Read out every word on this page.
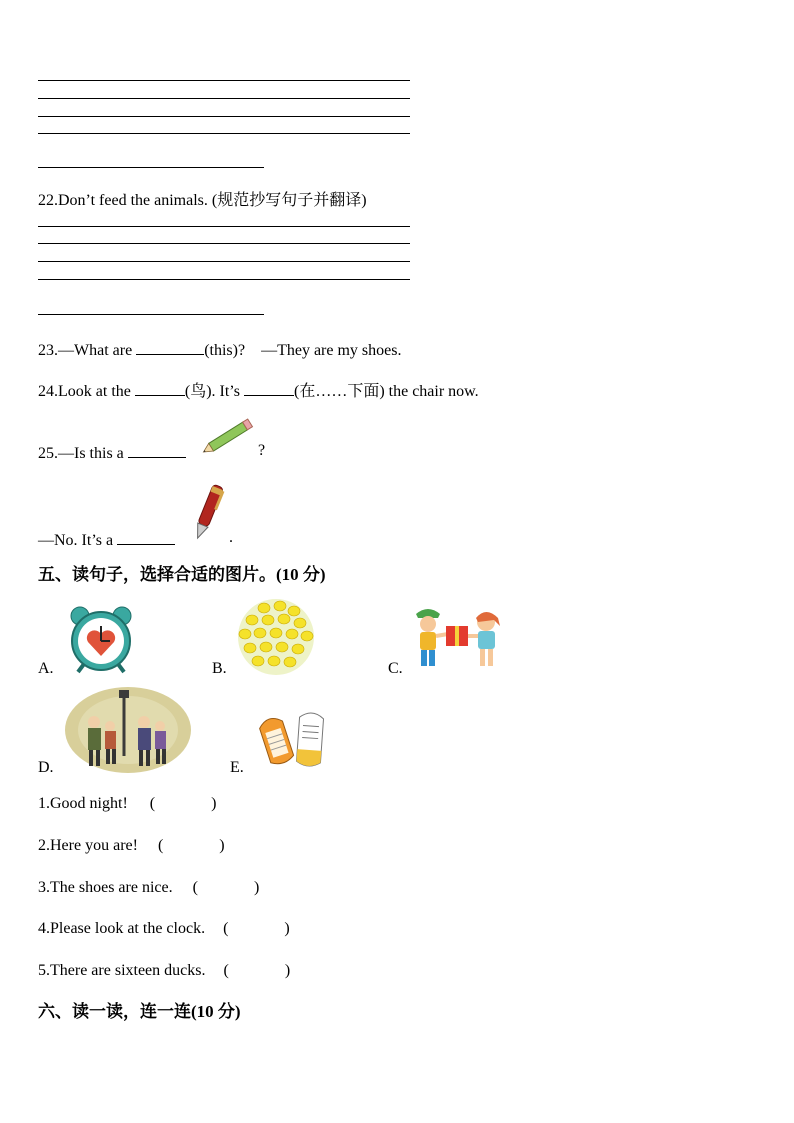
22.Don’t feed the animals. (规范抄写句子并翻译)
23.—What are	(this)? —They are my shoes.
24.Look at the	(鸟). It’s	(在……下面) the chair now.
25.—Is this a	?
—No. It’s a	.
五、读句子，选择合适的图片。(10 分)
A.	B.	C.
D.	E.
1.Good night! (	)
2.Here you are! (	)
3.The shoes are nice. (	)
4.Please look at the clock. (	)
5.There are sixteen ducks. (	)
六、读一读，连一连(10 分)
